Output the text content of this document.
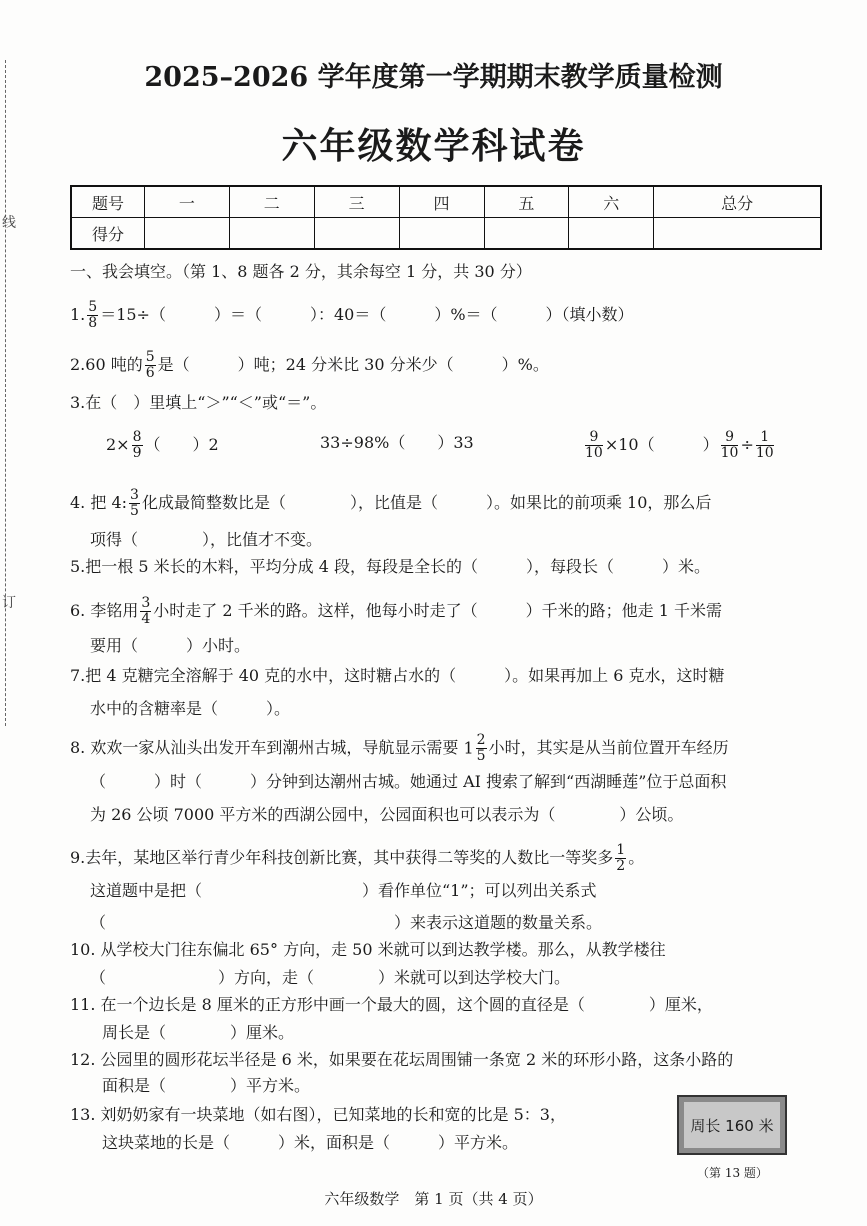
线
订
2025–2026 学年度第一学期期末教学质量检测
六年级数学科试卷
题号	一	二	三	四	五	六	总分
得分							
一、我会填空。（第 1、8 题各 2 分，其余每空 1 分，共 30 分）
1. $\frac{5}{8} =15\div$（　　　）＝（　　　）：40＝（　　　）%＝（　　　）（填小数）
2.60 吨的 $\frac{5}{6}$ 是（　　　）吨；24 分米比 30 分米少（　　　）%。
3.在（　）里填上“＞”“＜”或“＝”。
$2\times \frac{8}{9}$ （　　）2	33÷98%（　　）33	$\frac{9}{10} \times 10$（　　　） $\frac{9}{10} \div \frac{1}{10}$
4. 把 4: $\frac{3}{5}$ 化成最简整数比是（　　　　），比值是（　　　）。如果比的前项乘 10，那么后
项得（　　　　），比值才不变。
5.把一根 5 米长的木料，平均分成 4 段，每段是全长的（　　　），每段长（　　　）米。
6. 李铭用 $\frac{3}{4}$ 小时走了 2 千米的路。这样，他每小时走了（　　　）千米的路；他走 1 千米需
要用（　　　）小时。
7.把 4 克糖完全溶解于 40 克的水中，这时糖占水的（　　　）。如果再加上 6 克水，这时糖
水中的含糖率是（　　　）。
8. 欢欢一家从汕头出发开车到潮州古城，导航显示需要 $1 \frac{2}{5}$ 小时，其实是从当前位置开车经历
（　　　）时（　　　）分钟到达潮州古城。她通过 AI 搜索了解到“西湖睡莲”位于总面积
为 26 公顷 7000 平方米的西湖公园中，公园面积也可以表示为（　　　　）公顷。
9.去年，某地区举行青少年科技创新比赛，其中获得二等奖的人数比一等奖多 $\frac{1}{2}$ 。
这道题中是把（　　　　　　　　　　）看作单位“1”；可以列出关系式
（　　　　　　　　　　　　　　　　　　）来表示这道题的数量关系。
10. 从学校大门往东偏北 65° 方向，走 50 米就可以到达教学楼。那么，从教学楼往
（　　　　　　　）方向，走（　　　　）米就可以到达学校大门。
11. 在一个边长是 8 厘米的正方形中画一个最大的圆，这个圆的直径是（　　　　）厘米，
周长是（　　　　）厘米。
12. 公园里的圆形花坛半径是 6 米，如果要在花坛周围铺一条宽 2 米的环形小路，这条小路的
面积是（　　　　）平方米。
13. 刘奶奶家有一块菜地（如右图），已知菜地的长和宽的比是 5：3，
这块菜地的长是（　　　）米，面积是（　　　）平方米。
周长 160 米
（第 13 题）
六年级数学　第 1 页（共 4 页）
